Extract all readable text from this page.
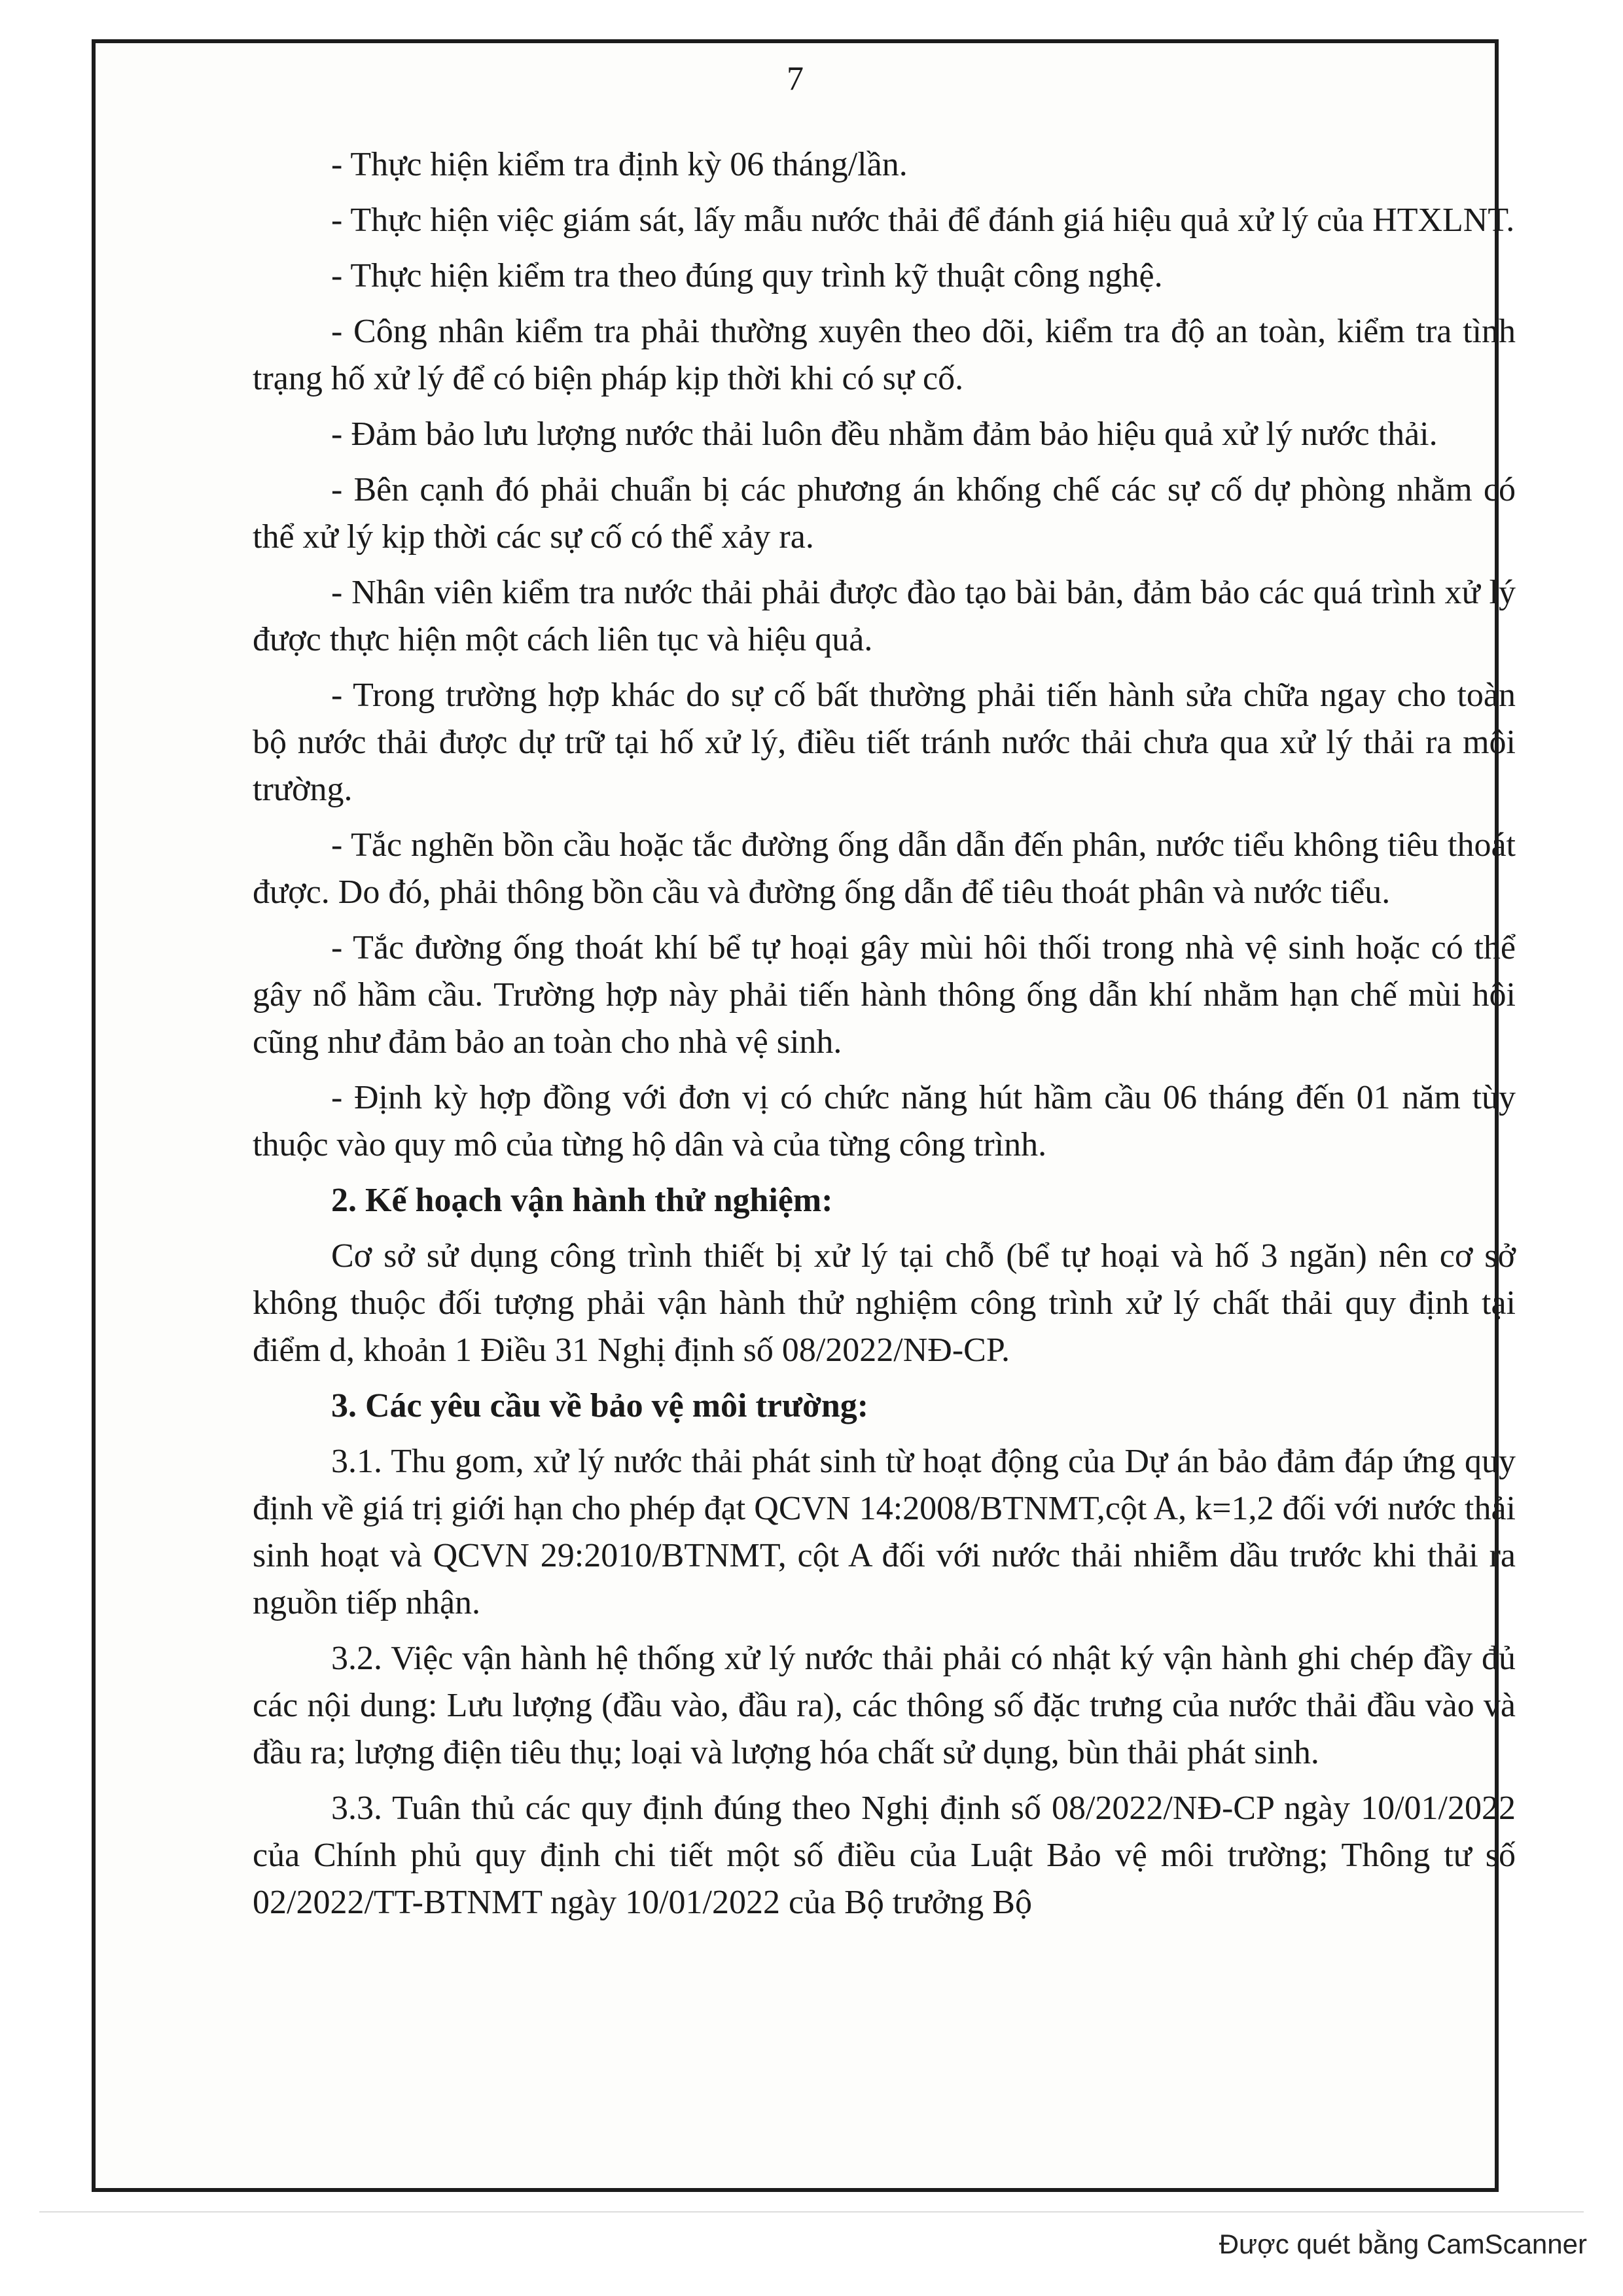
7

- Thực hiện kiểm tra định kỳ 06 tháng/lần.

- Thực hiện việc giám sát, lấy mẫu nước thải để đánh giá hiệu quả xử lý của HTXLNT.

- Thực hiện kiểm tra theo đúng quy trình kỹ thuật công nghệ.

- Công nhân kiểm tra phải thường xuyên theo dõi, kiểm tra độ an toàn, kiểm tra tình trạng hố xử lý để có biện pháp kịp thời khi có sự cố.

- Đảm bảo lưu lượng nước thải luôn đều nhằm đảm bảo hiệu quả xử lý nước thải.

- Bên cạnh đó phải chuẩn bị các phương án khống chế các sự cố dự phòng nhằm có thể xử lý kịp thời các sự cố có thể xảy ra.

- Nhân viên kiểm tra nước thải phải được đào tạo bài bản, đảm bảo các quá trình xử lý được thực hiện một cách liên tục và hiệu quả.

- Trong trường hợp khác do sự cố bất thường phải tiến hành sửa chữa ngay cho toàn bộ nước thải được dự trữ tại hố xử lý, điều tiết tránh nước thải chưa qua xử lý thải ra môi trường.

- Tắc nghẽn bồn cầu hoặc tắc đường ống dẫn dẫn đến phân, nước tiểu không tiêu thoát được. Do đó, phải thông bồn cầu và đường ống dẫn để tiêu thoát phân và nước tiểu.

- Tắc đường ống thoát khí bể tự hoại gây mùi hôi thối trong nhà vệ sinh hoặc có thể gây nổ hầm cầu. Trường hợp này phải tiến hành thông ống dẫn khí nhằm hạn chế mùi hôi cũng như đảm bảo an toàn cho nhà vệ sinh.

- Định kỳ hợp đồng với đơn vị có chức năng hút hầm cầu 06 tháng đến 01 năm tùy thuộc vào quy mô của từng hộ dân và của từng công trình.

2. Kế hoạch vận hành thử nghiệm:

Cơ sở sử dụng công trình thiết bị xử lý tại chỗ (bể tự hoại và hố 3 ngăn) nên cơ sở không thuộc đối tượng phải vận hành thử nghiệm công trình xử lý chất thải quy định tại điểm d, khoản 1 Điều 31 Nghị định số 08/2022/NĐ-CP.

3. Các yêu cầu về bảo vệ môi trường:

3.1. Thu gom, xử lý nước thải phát sinh từ hoạt động của Dự án bảo đảm đáp ứng quy định về giá trị giới hạn cho phép đạt QCVN 14:2008/BTNMT,cột A, k=1,2 đối với nước thải sinh hoạt và QCVN 29:2010/BTNMT, cột A đối với nước thải nhiễm dầu trước khi thải ra nguồn tiếp nhận.

3.2. Việc vận hành hệ thống xử lý nước thải phải có nhật ký vận hành ghi chép đầy đủ các nội dung: Lưu lượng (đầu vào, đầu ra), các thông số đặc trưng của nước thải đầu vào và đầu ra; lượng điện tiêu thụ; loại và lượng hóa chất sử dụng, bùn thải phát sinh.

3.3. Tuân thủ các quy định đúng theo Nghị định số 08/2022/NĐ-CP ngày 10/01/2022 của Chính phủ quy định chi tiết một số điều của Luật Bảo vệ môi trường; Thông tư số 02/2022/TT-BTNMT ngày 10/01/2022 của Bộ trưởng Bộ

Được quét bằng CamScanner
